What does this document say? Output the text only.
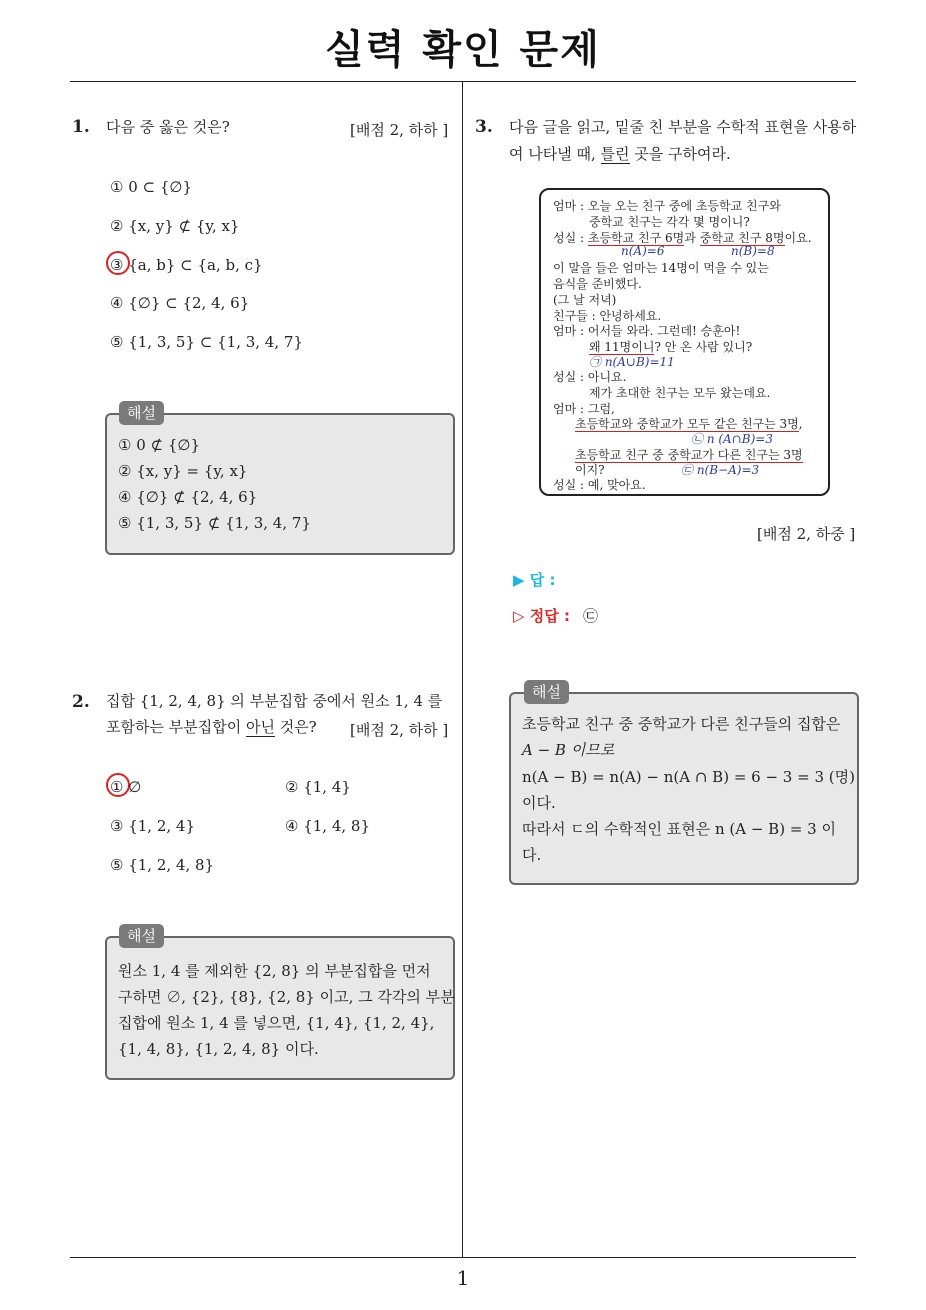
실력 확인 문제
1
1. 다음 중 옳은 것은?	[배점 2, 하하 ]
① 0 ⊂ {∅}
② {x, y} ⊄ {y, x}
③ {a, b} ⊂ {a, b, c}
④ {∅} ⊂ {2, 4, 6}
⑤ {1, 3, 5} ⊂ {1, 3, 4, 7}
해설
① 0 ⊄ {∅}
② {x, y} = {y, x}
④ {∅} ⊄ {2, 4, 6}
⑤ {1, 3, 5} ⊄ {1, 3, 4, 7}
2. 집합 {1, 2, 4, 8} 의 부분집합 중에서 원소 1, 4 를
포함하는 부분집합이 아닌 것은? [배점 2, 하하 ]
① ∅	② {1, 4}
③ {1, 2, 4}	④ {1, 4, 8}
⑤ {1, 2, 4, 8}
해설
원소 1, 4 를 제외한 {2, 8} 의 부분집합을 먼저
구하면 ∅, {2}, {8}, {2, 8} 이고, 그 각각의 부분
집합에 원소 1, 4 를 넣으면, {1, 4}, {1, 2, 4},
{1, 4, 8}, {1, 2, 4, 8} 이다.
3. 다음 글을 읽고, 밑줄 친 부분을 수학적 표현을 사용하
여 나타낼 때, 틀린 곳을 구하여라.
엄마 : 오늘 오는 친구 중에 초등학교 친구와
중학교 친구는 각각 몇 명이니?
성실 : 초등학교 친구 6명과 중학교 친구 8명이요.
n(A)=6	n(B)=8
이 말을 들은 엄마는 14명이 먹을 수 있는
음식을 준비했다.
(그 날 저녁)
친구들 : 안녕하세요.
엄마 : 어서들 와라. 그런데! 승훈아!
왜 11명이니? 안 온 사람 있니?
㉠ n(A∪B)=11
성실 : 아니요.
제가 초대한 친구는 모두 왔는데요.
엄마 : 그럼,
초등학교와 중학교가 모두 같은 친구는 3명,
㉡ n (A∩B)=3
초등학교 친구 중 중학교가 다른 친구는 3명
이지?	㉢ n(B−A)=3
성실 : 예, 맞아요.
[배점 2, 하중 ]
▶ 답 :
▷ 정답 : ㉢
해설
초등학교 친구 중 중학교가 다른 친구들의 집합은
A − B 이므로
n(A − B) = n(A) − n(A ∩ B) = 6 − 3 = 3 (명)
이다.
따라서 ㄷ의 수학적인 표현은 n (A − B) = 3 이
다.
